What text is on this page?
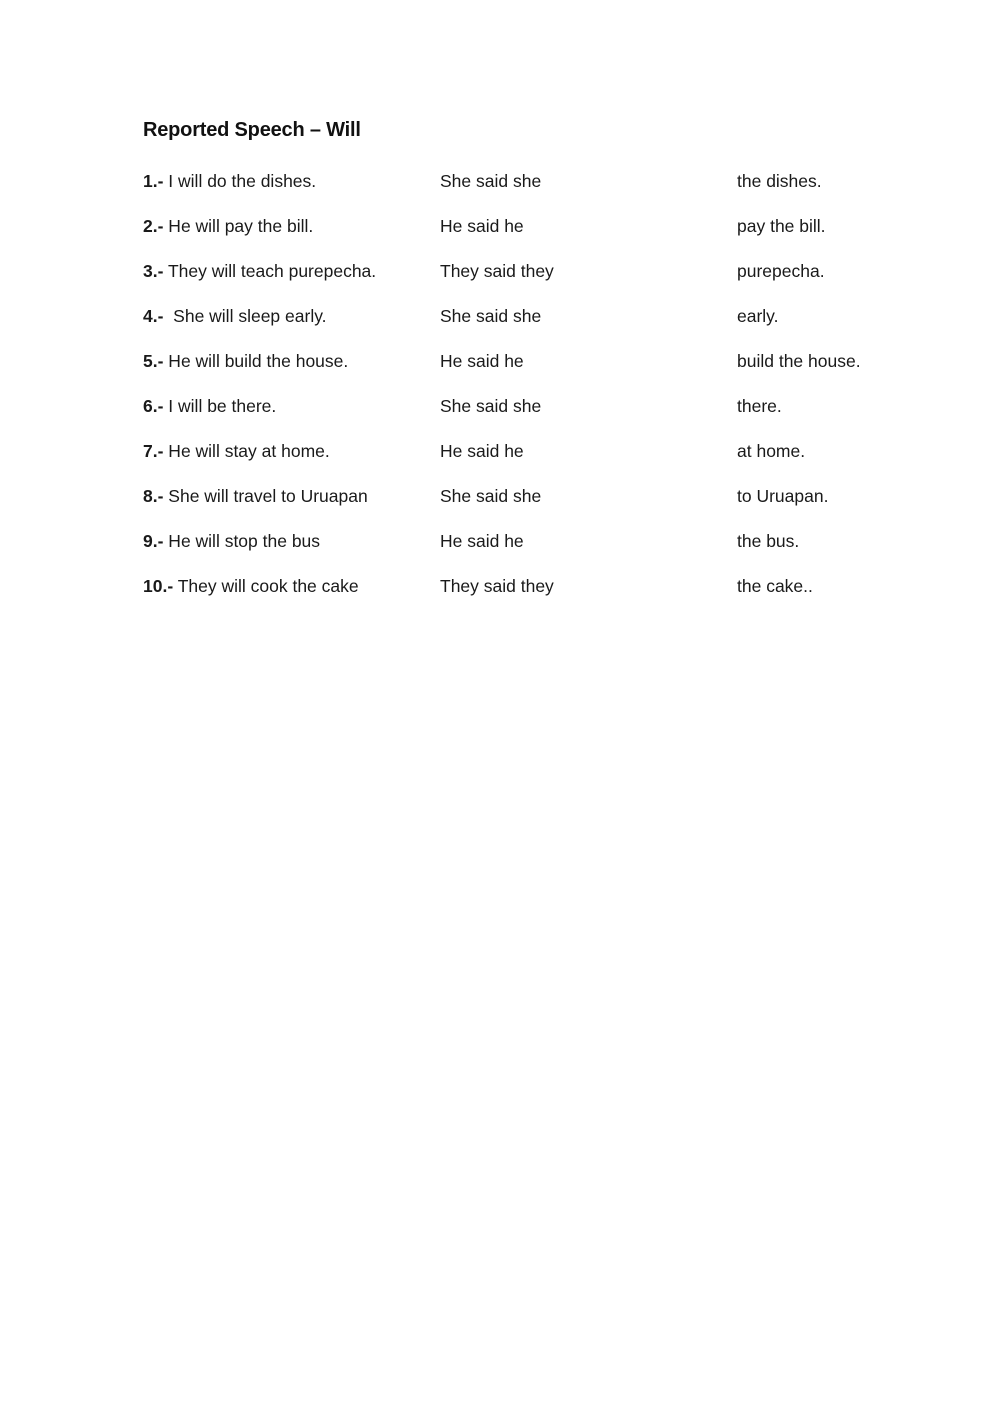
Reported Speech – Will
1.- I will do the dishes.	She said she	the dishes.
2.- He will pay the bill.	He said he	pay the bill.
3.- They will teach purepecha.	They said they	purepecha.
4.-  She will sleep early.	She said she	early.
5.- He will build the house.	He said he	build the house.
6.- I will be there.	She said she	there.
7.- He will stay at home.	He said he	at home.
8.- She will travel to Uruapan	She said she	to Uruapan.
9.- He will stop the bus	He said he	the bus.
10.- They will cook the cake	They said they	the cake..
